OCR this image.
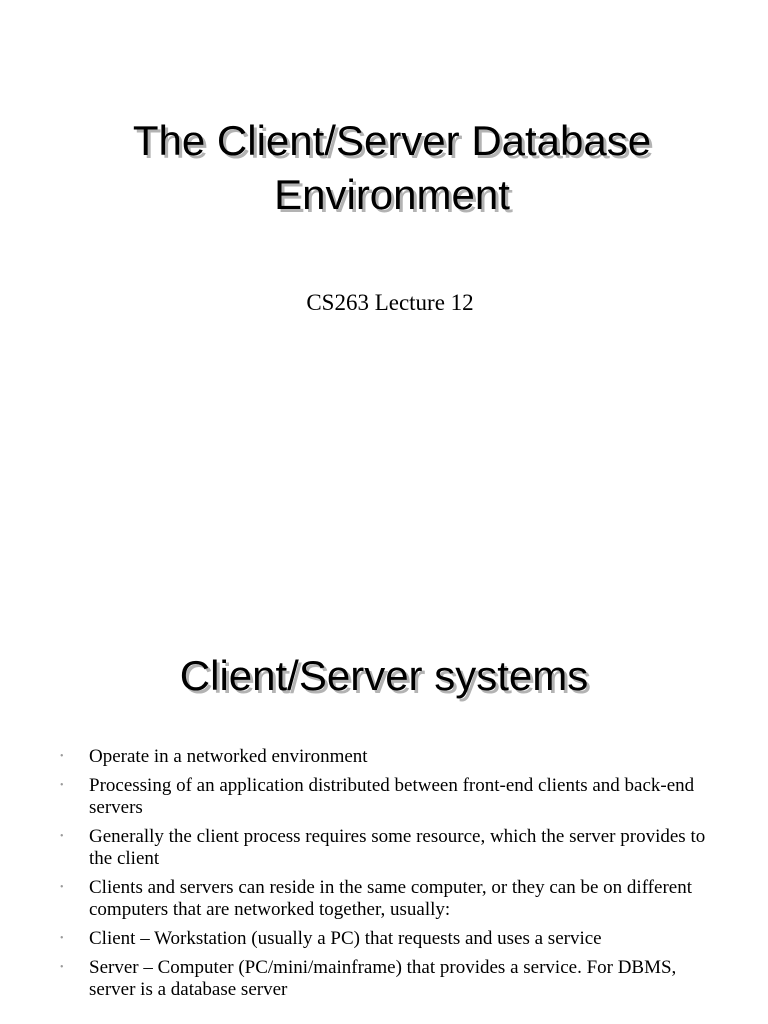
The Client/Server Database
Environment

CS263 Lecture 12

Client/Server systems
• Operate in a networked environment
• Processing of an application distributed between front-end clients and back-end servers
• Generally the client process requires some resource, which the server provides to the client
• Clients and servers can reside in the same computer, or they can be on different computers that are networked together, usually:
• Client – Workstation (usually a PC) that requests and uses a service
• Server – Computer (PC/mini/mainframe) that provides a service. For DBMS, server is a database server
